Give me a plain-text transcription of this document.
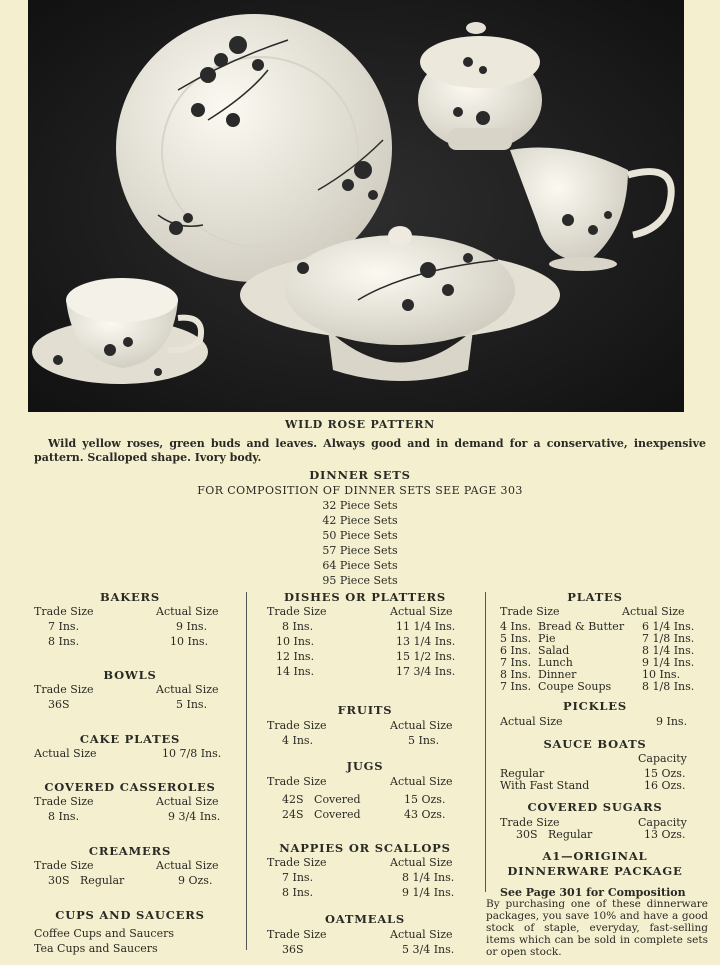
WILD ROSE PATTERN
Wild yellow roses, green buds and leaves. Always good and in demand for a conservative, inexpensive pattern. Scalloped shape. Ivory body.
DINNER SETS
FOR COMPOSITION OF DINNER SETS SEE PAGE 303
32 Piece Sets
42 Piece Sets
50 Piece Sets
57 Piece Sets
64 Piece Sets
95 Piece Sets
BAKERS
Trade Size	Actual Size
7 Ins.	9 Ins.
8 Ins.	10 Ins.
BOWLS
Trade Size	Actual Size
36S	5 Ins.
CAKE PLATES
Actual Size	10 7/8 Ins.
COVERED CASSEROLES
Trade Size	Actual Size
8 Ins.	9 3/4 Ins.
CREAMERS
Trade Size	Actual Size
30S   Regular	9 Ozs.
CUPS AND SAUCERS
Coffee Cups and Saucers
Tea Cups and Saucers
DISHES OR PLATTERS
Trade Size	Actual Size
8 Ins.	11 1/4 Ins.
10 Ins.	13 1/4 Ins.
12 Ins.	15 1/2 Ins.
14 Ins.	17 3/4 Ins.
FRUITS
Trade Size	Actual Size
4 Ins.	5 Ins.
JUGS
Trade Size	Actual Size
42S   Covered	15 Ozs.
24S   Covered	43 Ozs.
NAPPIES OR SCALLOPS
Trade Size	Actual Size
7 Ins.	8 1/4 Ins.
8 Ins.	9 1/4 Ins.
OATMEALS
Trade Size	Actual Size
36S	5 3/4 Ins.
PLATES
Trade Size	Actual Size
4 Ins.  Bread & Butter 6 1/4 Ins.
5 Ins.  Pie	7 1/8 Ins.
6 Ins.  Salad	8 1/4 Ins.
7 Ins.  Lunch	9 1/4 Ins.
8 Ins.  Dinner	10 Ins.
7 Ins.  Coupe Soups	8 1/8 Ins.
PICKLES
Actual Size	9 Ins.
SAUCE BOATS
Capacity
Regular	15 Ozs.
With Fast Stand	16 Ozs.
COVERED SUGARS
Trade Size	Capacity
30S   Regular	13 Ozs.
A1—ORIGINAL
DINNERWARE PACKAGE
See Page 301 for Composition
By purchasing one of these dinnerware packages, you save 10% and have a good stock of staple, everyday, fast-selling items which can be sold in complete sets or open stock.
